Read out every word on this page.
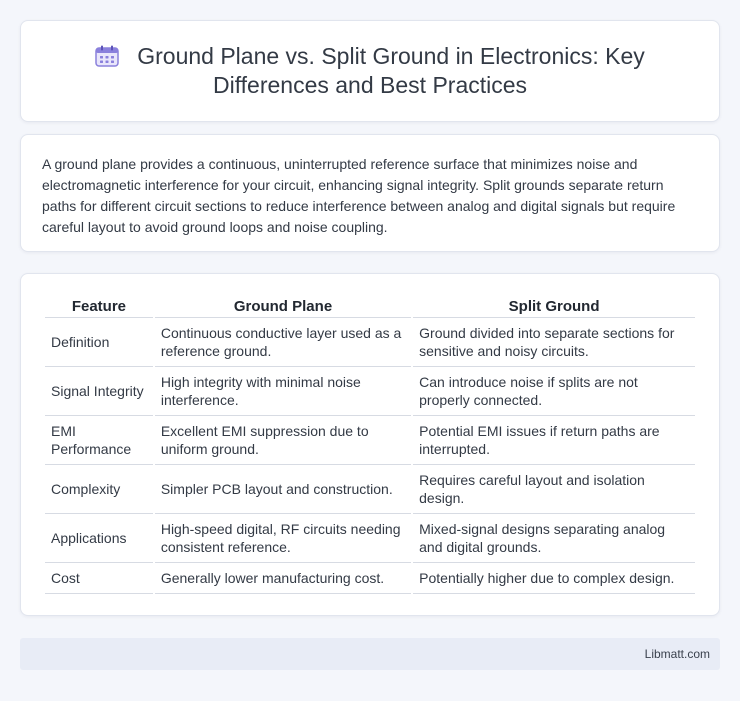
Ground Plane vs. Split Ground in Electronics: Key Differences and Best Practices

A ground plane provides a continuous, uninterrupted reference surface that minimizes noise and electromagnetic interference for your circuit, enhancing signal integrity. Split grounds separate return paths for different circuit sections to reduce interference between analog and digital signals but require careful layout to avoid ground loops and noise coupling.

Feature	Ground Plane	Split Ground
Definition	Continuous conductive layer used as a reference ground.	Ground divided into separate sections for sensitive and noisy circuits.
Signal Integrity	High integrity with minimal noise interference.	Can introduce noise if splits are not properly connected.
EMI Performance	Excellent EMI suppression due to uniform ground.	Potential EMI issues if return paths are interrupted.
Complexity	Simpler PCB layout and construction.	Requires careful layout and isolation design.
Applications	High-speed digital, RF circuits needing consistent reference.	Mixed-signal designs separating analog and digital grounds.
Cost	Generally lower manufacturing cost.	Potentially higher due to complex design.
Libmatt.com
